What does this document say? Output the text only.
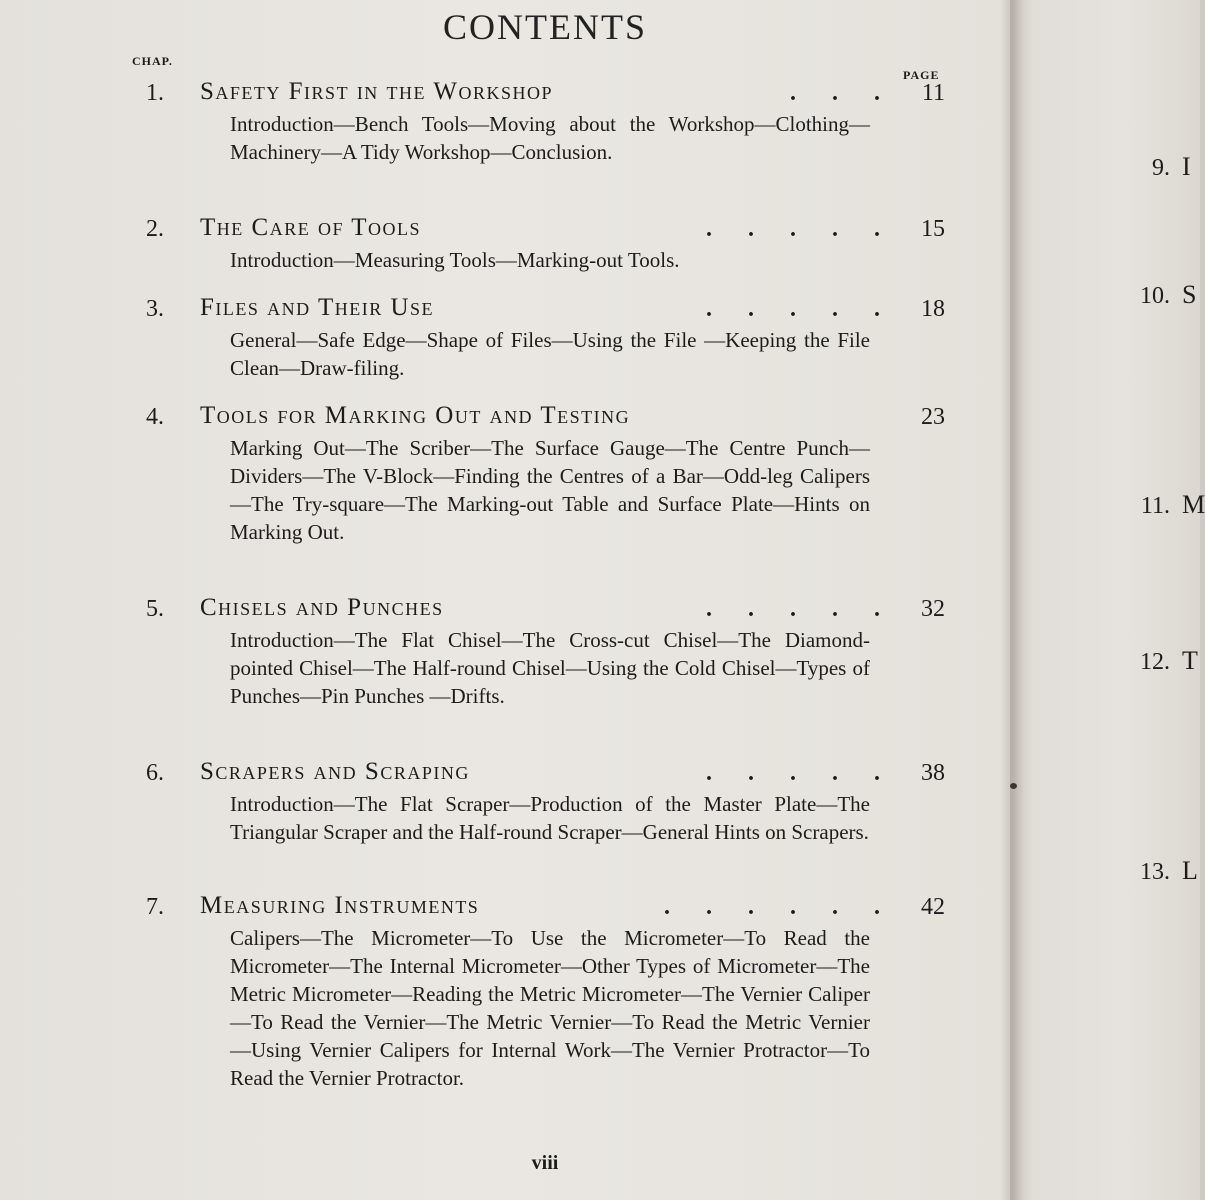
CONTENTS
CHAP.
PAGE
1. Safety First in the Workshop	. . .	11
Introduction—Bench Tools—Moving about the Workshop—Clothing—Machinery—A Tidy Workshop—Conclusion.
2. The Care of Tools	. . . . .	15
Introduction—Measuring Tools—Marking-out Tools.
3. Files and Their Use	. . . . .	18
General—Safe Edge—Shape of Files—Using the File —Keeping the File Clean—Draw-filing.
4. Tools for Marking Out and Testing	23
Marking Out—The Scriber—The Surface Gauge—The Centre Punch—Dividers—The V-Block—Finding the Centres of a Bar—Odd-leg Calipers—The Try-square—The Marking-out Table and Surface Plate—Hints on Marking Out.
5. Chisels and Punches	. . . . .	32
Introduction—The Flat Chisel—The Cross-cut Chisel—The Diamond-pointed Chisel—The Half-round Chisel—Using the Cold Chisel—Types of Punches—Pin Punches —Drifts.
6. Scrapers and Scraping	. . . . .	38
Introduction—The Flat Scraper—Production of the Master Plate—The Triangular Scraper and the Half-round Scraper—General Hints on Scrapers.
7. Measuring Instruments	. . . . . .	42
Calipers—The Micrometer—To Use the Micrometer—To Read the Micrometer—The Internal Micrometer—Other Types of Micrometer—The Metric Micrometer—Reading the Metric Micrometer—The Vernier Caliper—To Read the Vernier—The Metric Vernier—To Read the Metric Vernier—Using Vernier Calipers for Internal Work—The Vernier Protractor—To Read the Vernier Protractor.
viii
9. I
10. S
11. M
12. T
13. L
